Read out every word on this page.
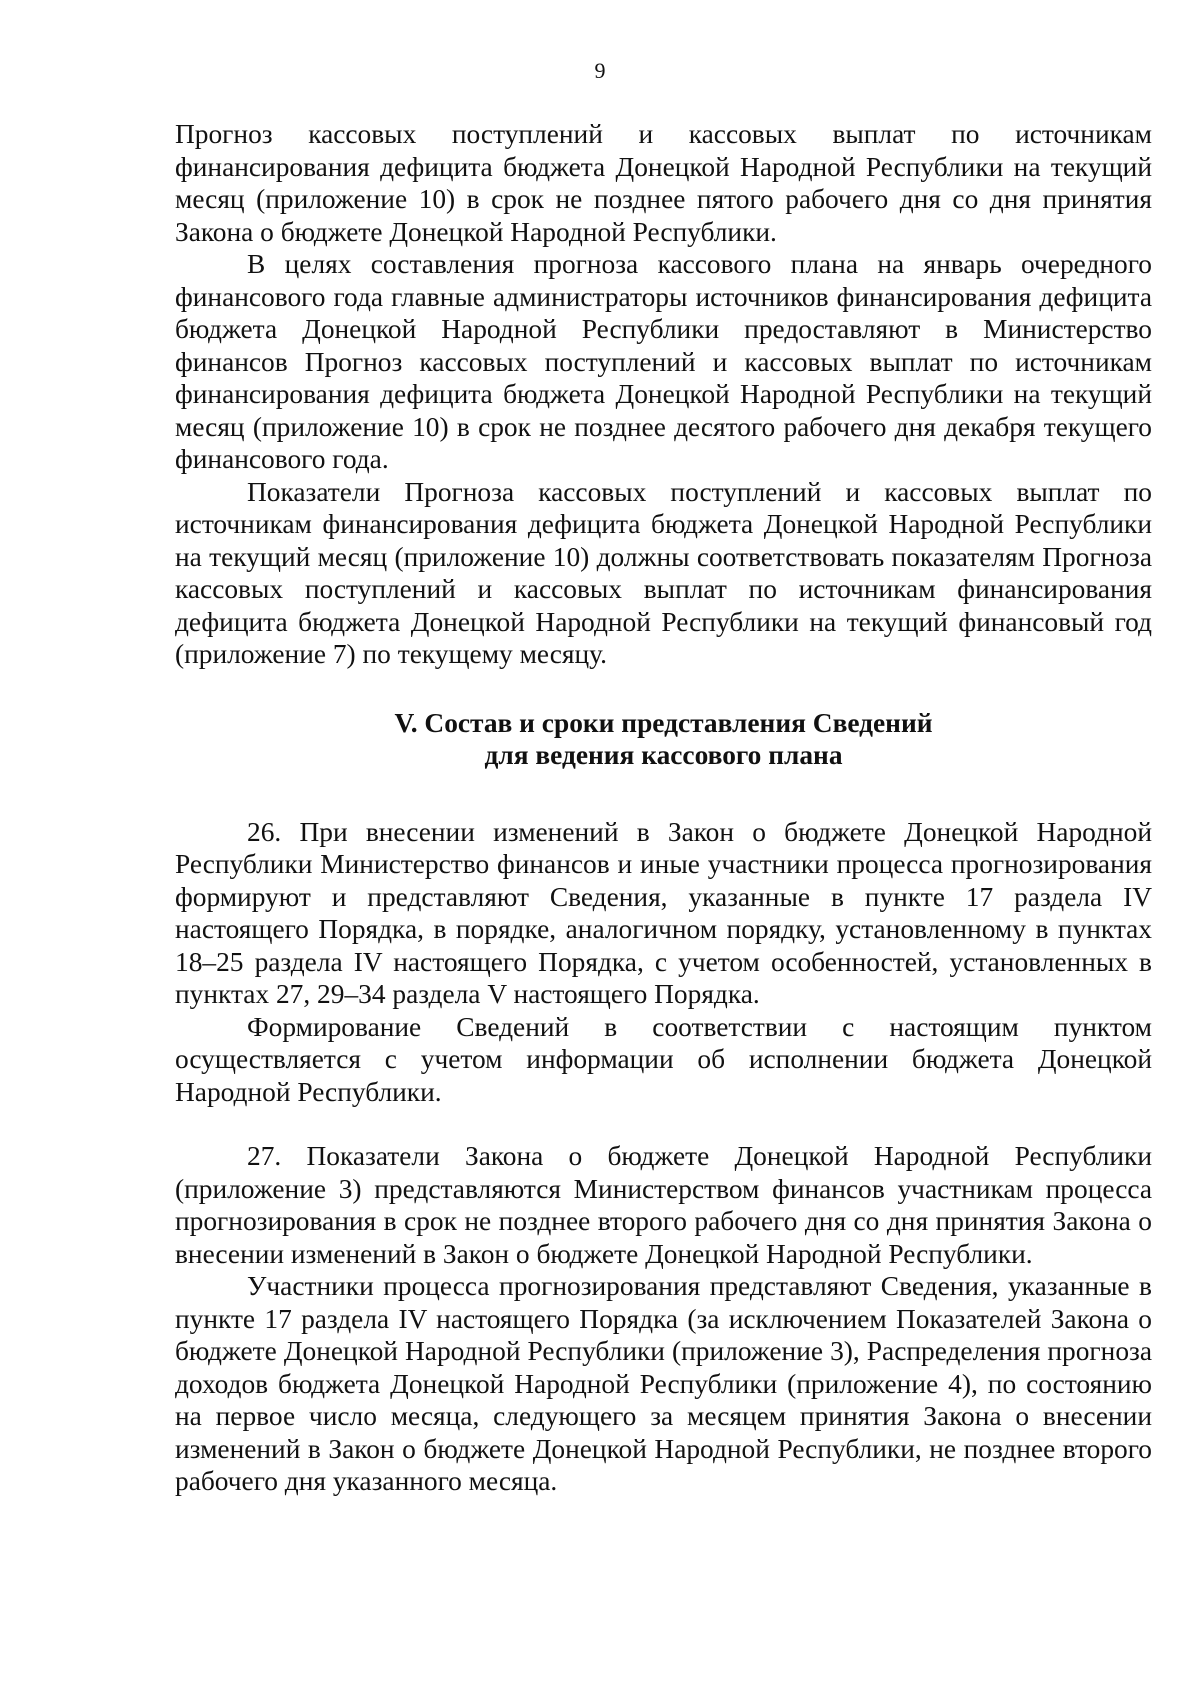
9

Прогноз кассовых поступлений и кассовых выплат по источникам финансирования дефицита бюджета Донецкой Народной Республики на текущий месяц (приложение 10) в срок не позднее пятого рабочего дня со дня принятия Закона о бюджете Донецкой Народной Республики.

В целях составления прогноза кассового плана на январь очередного финансового года главные администраторы источников финансирования дефицита бюджета Донецкой Народной Республики предоставляют в Министерство финансов Прогноз кассовых поступлений и кассовых выплат по источникам финансирования дефицита бюджета Донецкой Народной Республики на текущий месяц (приложение 10) в срок не позднее десятого рабочего дня декабря текущего финансового года.

Показатели Прогноза кассовых поступлений и кассовых выплат по источникам финансирования дефицита бюджета Донецкой Народной Республики на текущий месяц (приложение 10) должны соответствовать показателям Прогноза кассовых поступлений и кассовых выплат по источникам финансирования дефицита бюджета Донецкой Народной Республики на текущий финансовый год (приложение 7) по текущему месяцу.

V. Состав и сроки представления Сведений
для ведения кассового плана

26. При внесении изменений в Закон о бюджете Донецкой Народной Республики Министерство финансов и иные участники процесса прогнозирования формируют и представляют Сведения, указанные в пункте 17 раздела IV настоящего Порядка, в порядке, аналогичном порядку, установленному в пунктах 18–25 раздела IV настоящего Порядка, с учетом особенностей, установленных в пунктах 27, 29–34 раздела V настоящего Порядка.

Формирование Сведений в соответствии с настоящим пунктом осуществляется с учетом информации об исполнении бюджета Донецкой Народной Республики.

27. Показатели Закона о бюджете Донецкой Народной Республики (приложение 3) представляются Министерством финансов участникам процесса прогнозирования в срок не позднее второго рабочего дня со дня принятия Закона о внесении изменений в Закон о бюджете Донецкой Народной Республики.

Участники процесса прогнозирования представляют Сведения, указанные в пункте 17 раздела IV настоящего Порядка (за исключением Показателей Закона о бюджете Донецкой Народной Республики (приложение 3), Распределения прогноза доходов бюджета Донецкой Народной Республики (приложение 4), по состоянию на первое число месяца, следующего за месяцем принятия Закона о внесении изменений в Закон о бюджете Донецкой Народной Республики, не позднее второго рабочего дня указанного месяца.
